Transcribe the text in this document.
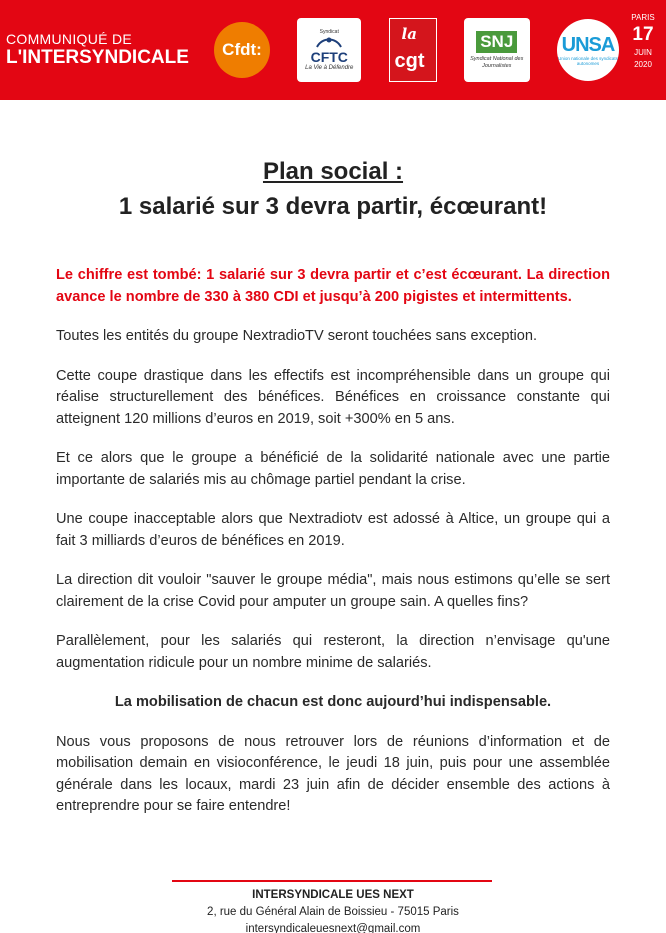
COMMUNIQUÉ DE
L'INTERSYNDICALE Cfdt:
Syndicat
CFTC
La Vie à Défendre
la
cgt
SNJ
Syndicat National des Journalistes
UNSA
Union nationale des syndicats autonomes
PARIS
17
JUIN
2020
Plan social :
1 salarié sur 3 devra partir, écœurant!

Le chiffre est tombé: 1 salarié sur 3 devra partir et c’est écœurant. La direction avance le nombre de 330 à 380 CDI et jusqu’à 200 pigistes et intermittents.

Toutes les entités du groupe NextradioTV seront touchées sans exception.

Cette coupe drastique dans les effectifs est incompréhensible dans un groupe qui réalise structurellement des bénéfices. Bénéfices en croissance constante qui atteignent 120 millions d’euros en 2019, soit +300% en 5 ans.

Et ce alors que le groupe a bénéficié de la solidarité nationale avec une partie importante de salariés mis au chômage partiel pendant la crise.

Une coupe inacceptable alors que Nextradiotv est adossé à Altice, un groupe qui a fait 3 milliards d’euros de bénéfices en 2019.

La direction dit vouloir "sauver le groupe média", mais nous estimons qu’elle se sert clairement de la crise Covid pour amputer un groupe sain. A quelles fins?

Parallèlement, pour les salariés qui resteront, la direction n’envisage qu'une augmentation ridicule pour un nombre minime de salariés.

La mobilisation de chacun est donc aujourd’hui indispensable.

Nous vous proposons de nous retrouver lors de réunions d’information et de mobilisation demain en visioconférence, le jeudi 18 juin, puis pour une assemblée générale dans les locaux, mardi 23 juin afin de décider ensemble des actions à entreprendre pour se faire entendre!

INTERSYNDICALE UES NEXT
2, rue du Général Alain de Boissieu - 75015 Paris
intersyndicaleuesnext@gmail.com
